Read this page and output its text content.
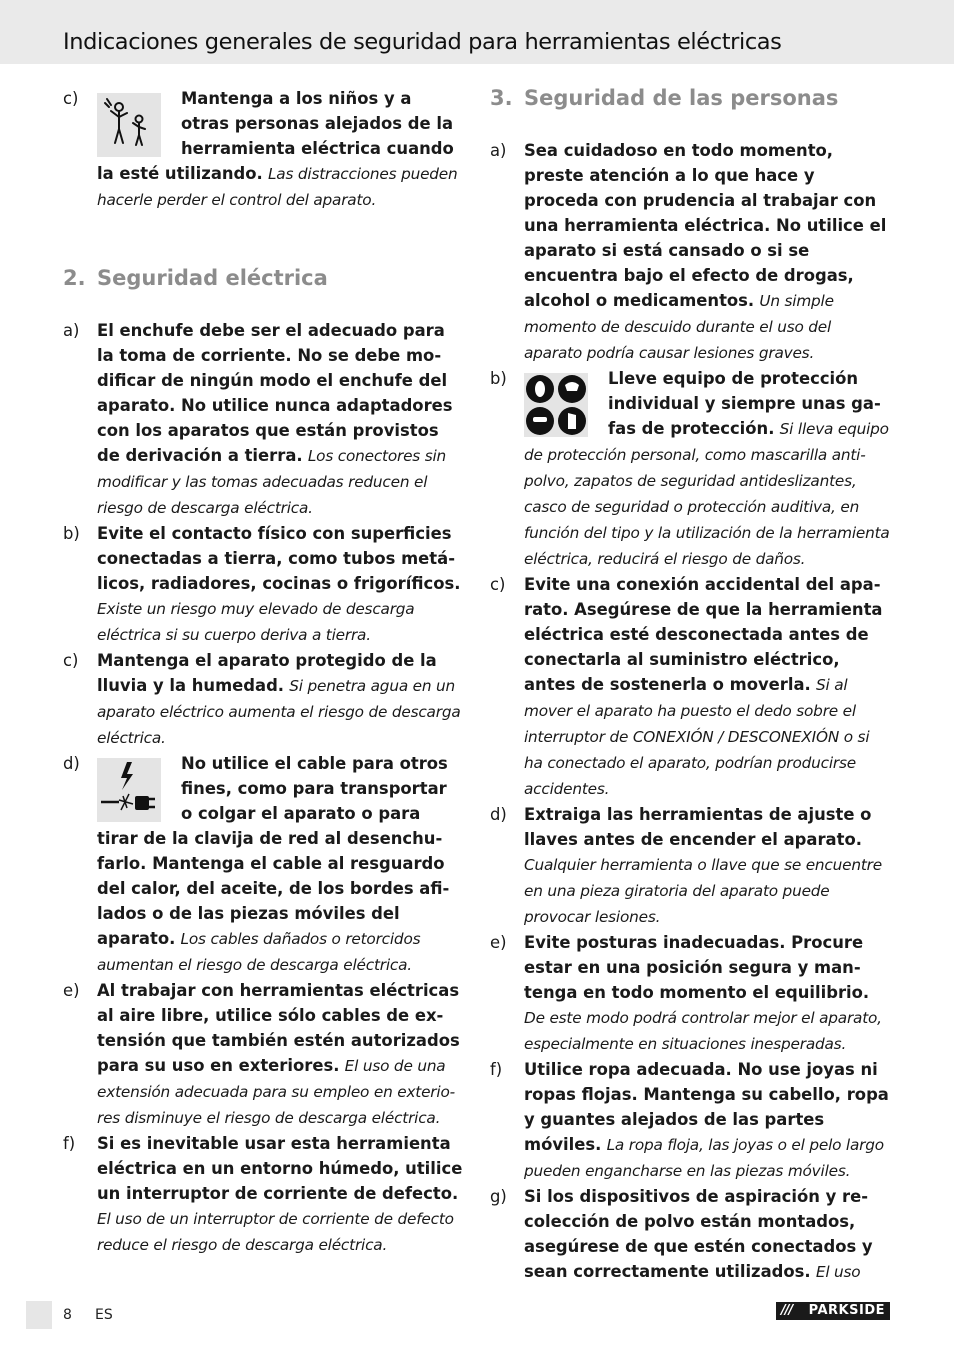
Indicaciones generales de seguridad para herramientas eléctricas

c)	Mantenga a los niños y a otras personas alejados de la herramienta eléctrica cuando la esté utilizando. Las distracciones pueden hacerle perder el control del aparato.

2. Seguridad eléctrica

a) El enchufe debe ser el adecuado para la toma de corriente. No se debe modificar de ningún modo el enchufe del aparato. No utilice nunca adaptadores con los aparatos que están provistos de derivación a tierra. Los conectores sin modificar y las tomas adecuadas reducen el riesgo de descarga eléctrica.

b) Evite el contacto físico con superficies conectadas a tierra, como tubos metálicos, radiadores, cocinas o frigoríficos. Existe un riesgo muy elevado de descarga eléctrica si su cuerpo deriva a tierra.

c) Mantenga el aparato protegido de la lluvia y la humedad. Si penetra agua en un aparato eléctrico aumenta el riesgo de descarga eléctrica.

d)	No utilice el cable para otros fines, como para transportar o colgar el aparato o para tirar de la clavija de red al desenchufarlo. Mantenga el cable al resguardo del calor, del aceite, de los bordes afilados o de las piezas móviles del aparato. Los cables dañados o retorcidos aumentan el riesgo de descarga eléctrica.

e) Al trabajar con herramientas eléctricas al aire libre, utilice sólo cables de extensión que también estén autorizados para su uso en exteriores. El uso de una extensión adecuada para su empleo en exteriores disminuye el riesgo de descarga eléctrica.

f) Si es inevitable usar esta herramienta eléctrica en un entorno húmedo, utilice un interruptor de corriente de defecto. El uso de un interruptor de corriente de defecto reduce el riesgo de descarga eléctrica.

3. Seguridad de las personas

a) Sea cuidadoso en todo momento, preste atención a lo que hace y proceda con prudencia al trabajar con una herramienta eléctrica. No utilice el aparato si está cansado o si se encuentra bajo el efecto de drogas, alcohol o medicamentos. Un simple momento de descuido durante el uso del aparato podría causar lesiones graves.

b)	Lleve equipo de protección individual y siempre unas gafas de protección. Si lleva equipo de protección personal, como mascarilla antipolvo, zapatos de seguridad antideslizantes, casco de seguridad o protección auditiva, en función del tipo y la utilización de la herramienta eléctrica, reducirá el riesgo de daños.

c) Evite una conexión accidental del aparato. Asegúrese de que la herramienta eléctrica esté desconectada antes de conectarla al suministro eléctrico, antes de sostenerla o moverla. Si al mover el aparato ha puesto el dedo sobre el interruptor de CONEXIÓN / DESCONEXIÓN o si ha conectado el aparato, podrían producirse accidentes.

d) Extraiga las herramientas de ajuste o llaves antes de encender el aparato. Cualquier herramienta o llave que se encuentre en una pieza giratoria del aparato puede provocar lesiones.

e) Evite posturas inadecuadas. Procure estar en una posición segura y mantenga en todo momento el equilibrio. De este modo podrá controlar mejor el aparato, especialmente en situaciones inesperadas.

f) Utilice ropa adecuada. No use joyas ni ropas flojas. Mantenga su cabello, ropa y guantes alejados de las partes móviles. La ropa floja, las joyas o el pelo largo pueden engancharse en las piezas móviles.

g) Si los dispositivos de aspiración y recolección de polvo están montados, asegúrese de que estén conectados y sean correctamente utilizados. El uso

8 ES	/// PARKSIDE
